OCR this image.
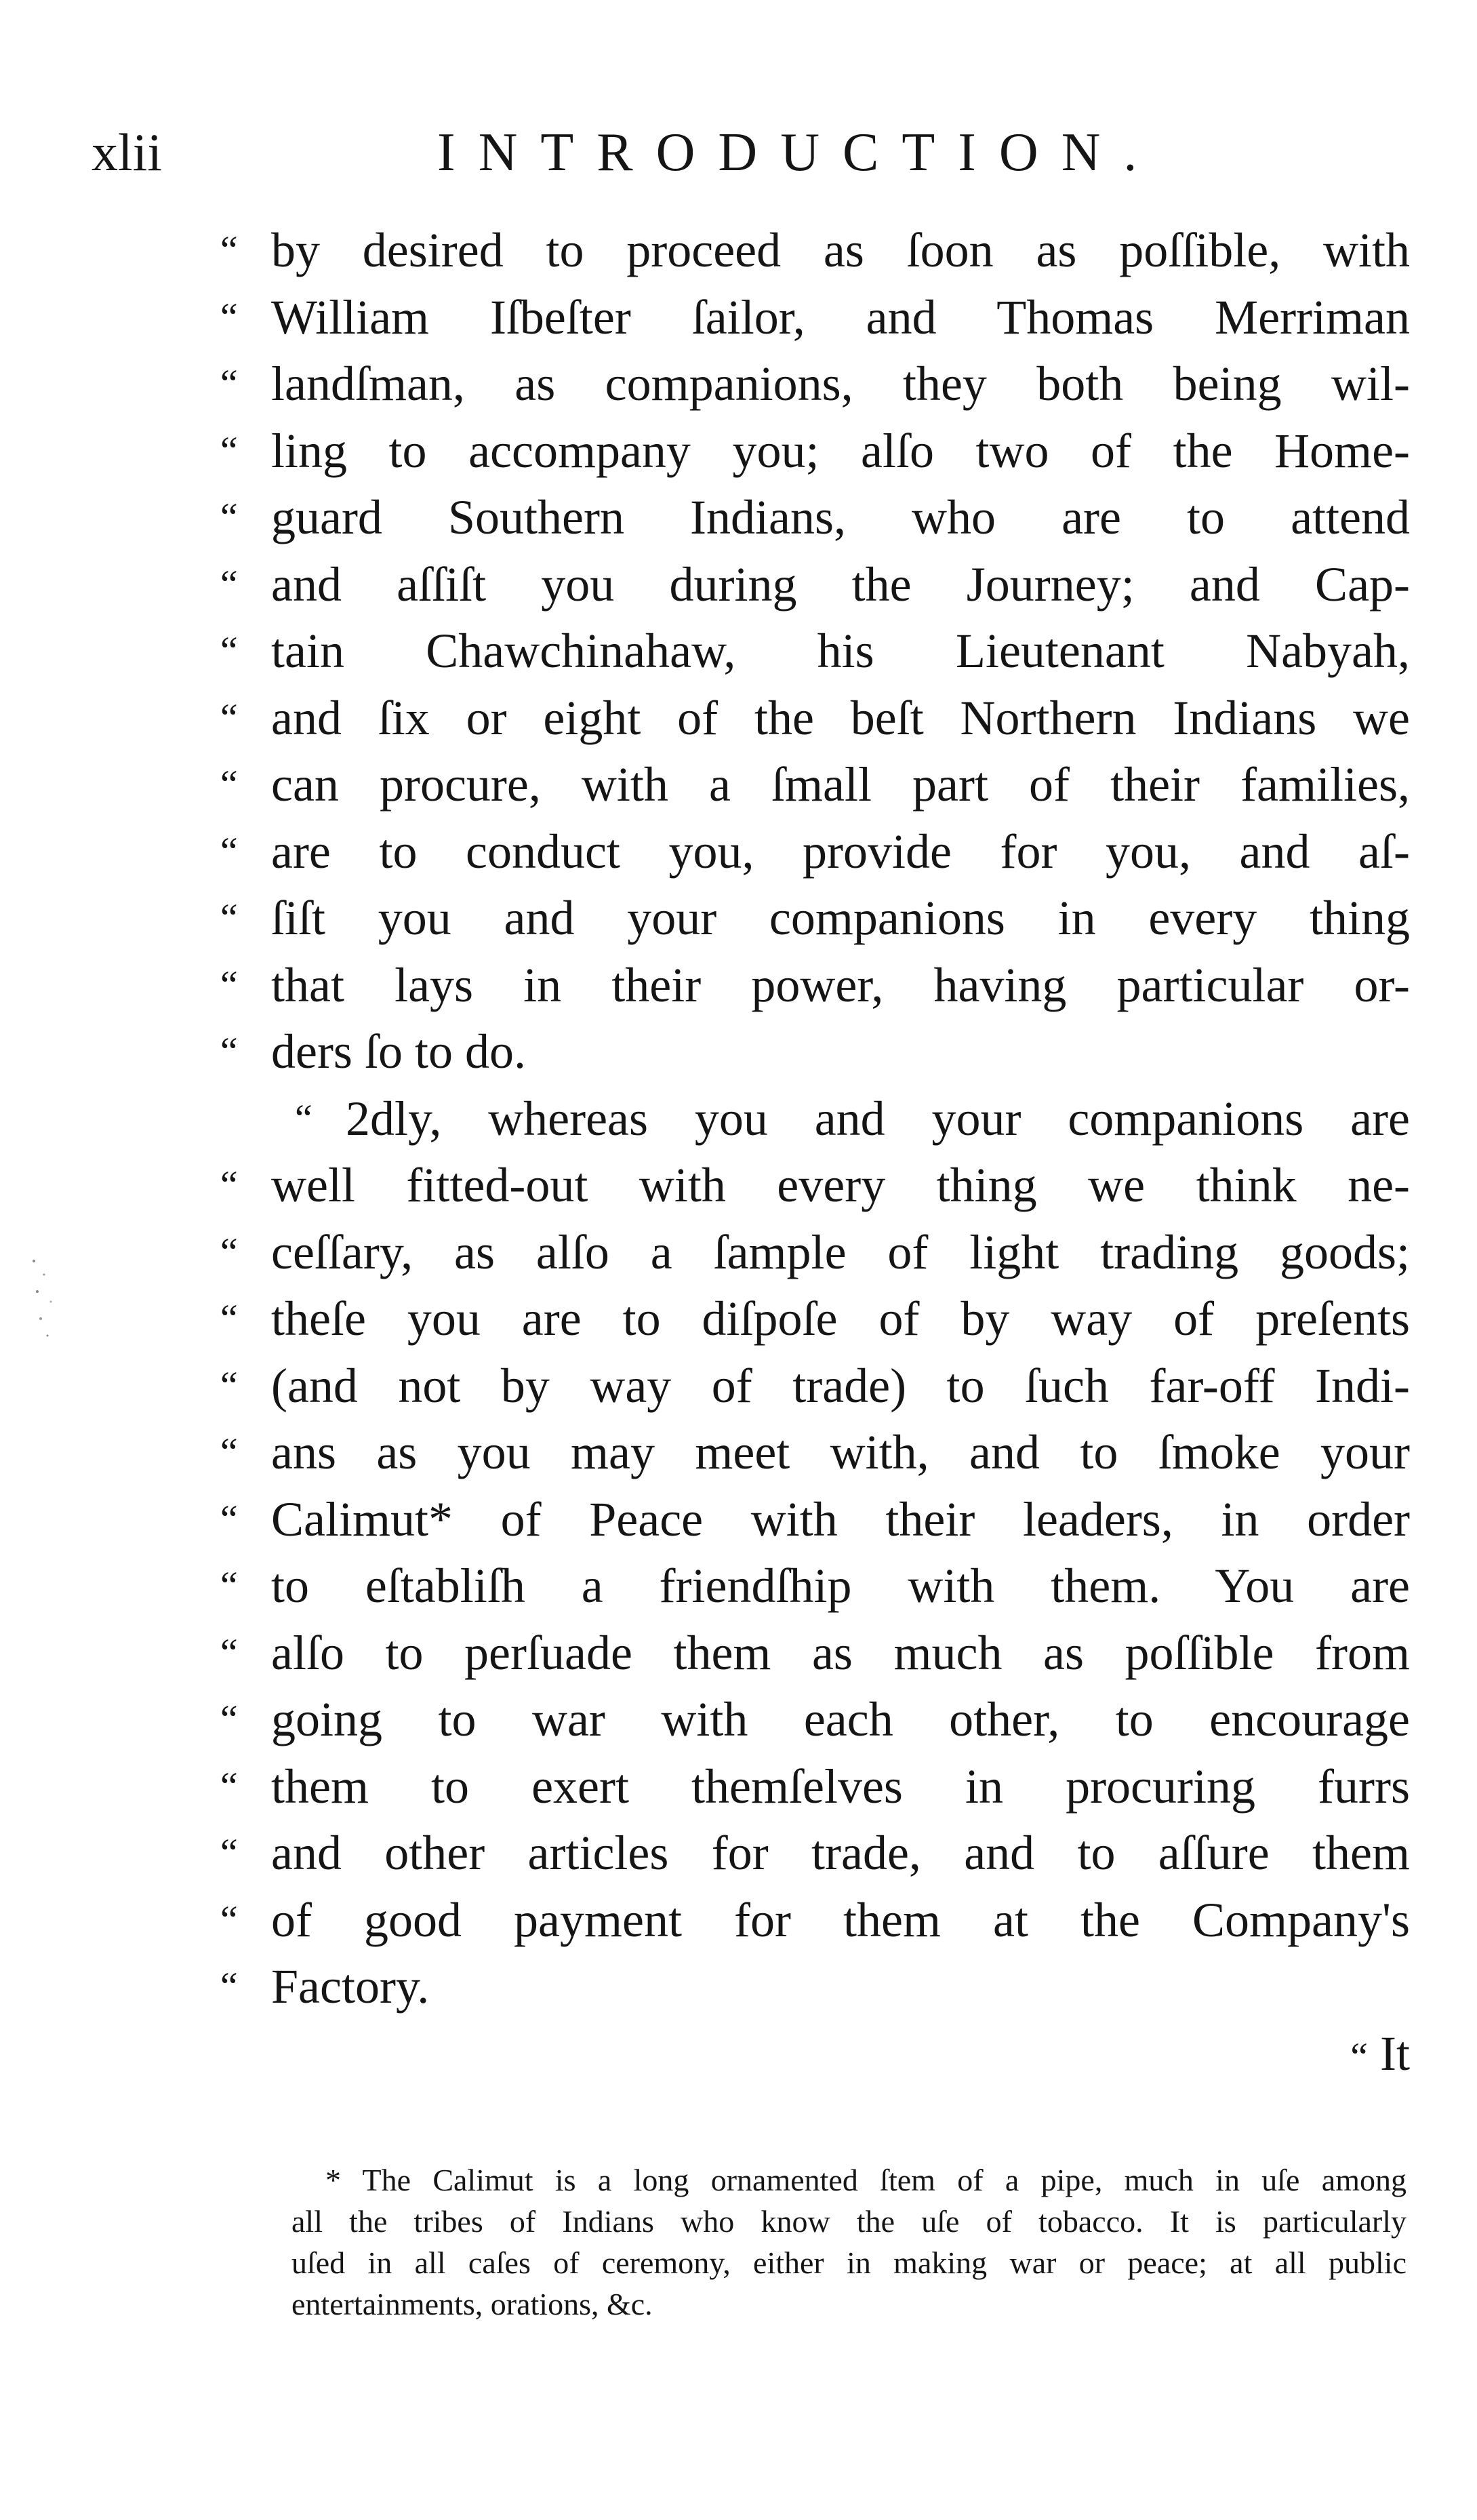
xlii	INTRODUCTION.
“ by desired to proceed as ſoon as poſſible, with
“ William Iſbeſter ſailor, and Thomas Merriman
“ landſman, as companions, they both being wil-
“ ling to accompany you; alſo two of the Home-
“ guard Southern Indians, who are to attend
“ and aſſiſt you during the Journey; and Cap-
“ tain Chawchinahaw, his Lieutenant Nabyah,
“ and ſix or eight of the beſt Northern Indians we
“ can procure, with a ſmall part of their families,
“ are to conduct you, provide for you, and aſ-
“ ſiſt you and your companions in every thing
“ that lays in their power, having particular or-
“ ders ſo to do.
“ 2dly, whereas you and your companions are
“ well fitted-out with every thing we think ne-
“ ceſſary, as alſo a ſample of light trading goods;
“ theſe you are to diſpoſe of by way of preſents
“ (and not by way of trade) to ſuch far-off Indi-
“ ans as you may meet with, and to ſmoke your
“ Calimut* of Peace with their leaders, in order
“ to eſtabliſh a friendſhip with them. You are
“ alſo to perſuade them as much as poſſible from
“ going to war with each other, to encourage
“ them to exert themſelves in procuring furrs
“ and other articles for trade, and to aſſure them
“ of good payment for them at the Company's
“ Factory.
“ It
* The Calimut is a long ornamented ſtem of a pipe, much in uſe among
all the tribes of Indians who know the uſe of tobacco. It is particularly
uſed in all caſes of ceremony, either in making war or peace; at all public
entertainments, orations, &c.
